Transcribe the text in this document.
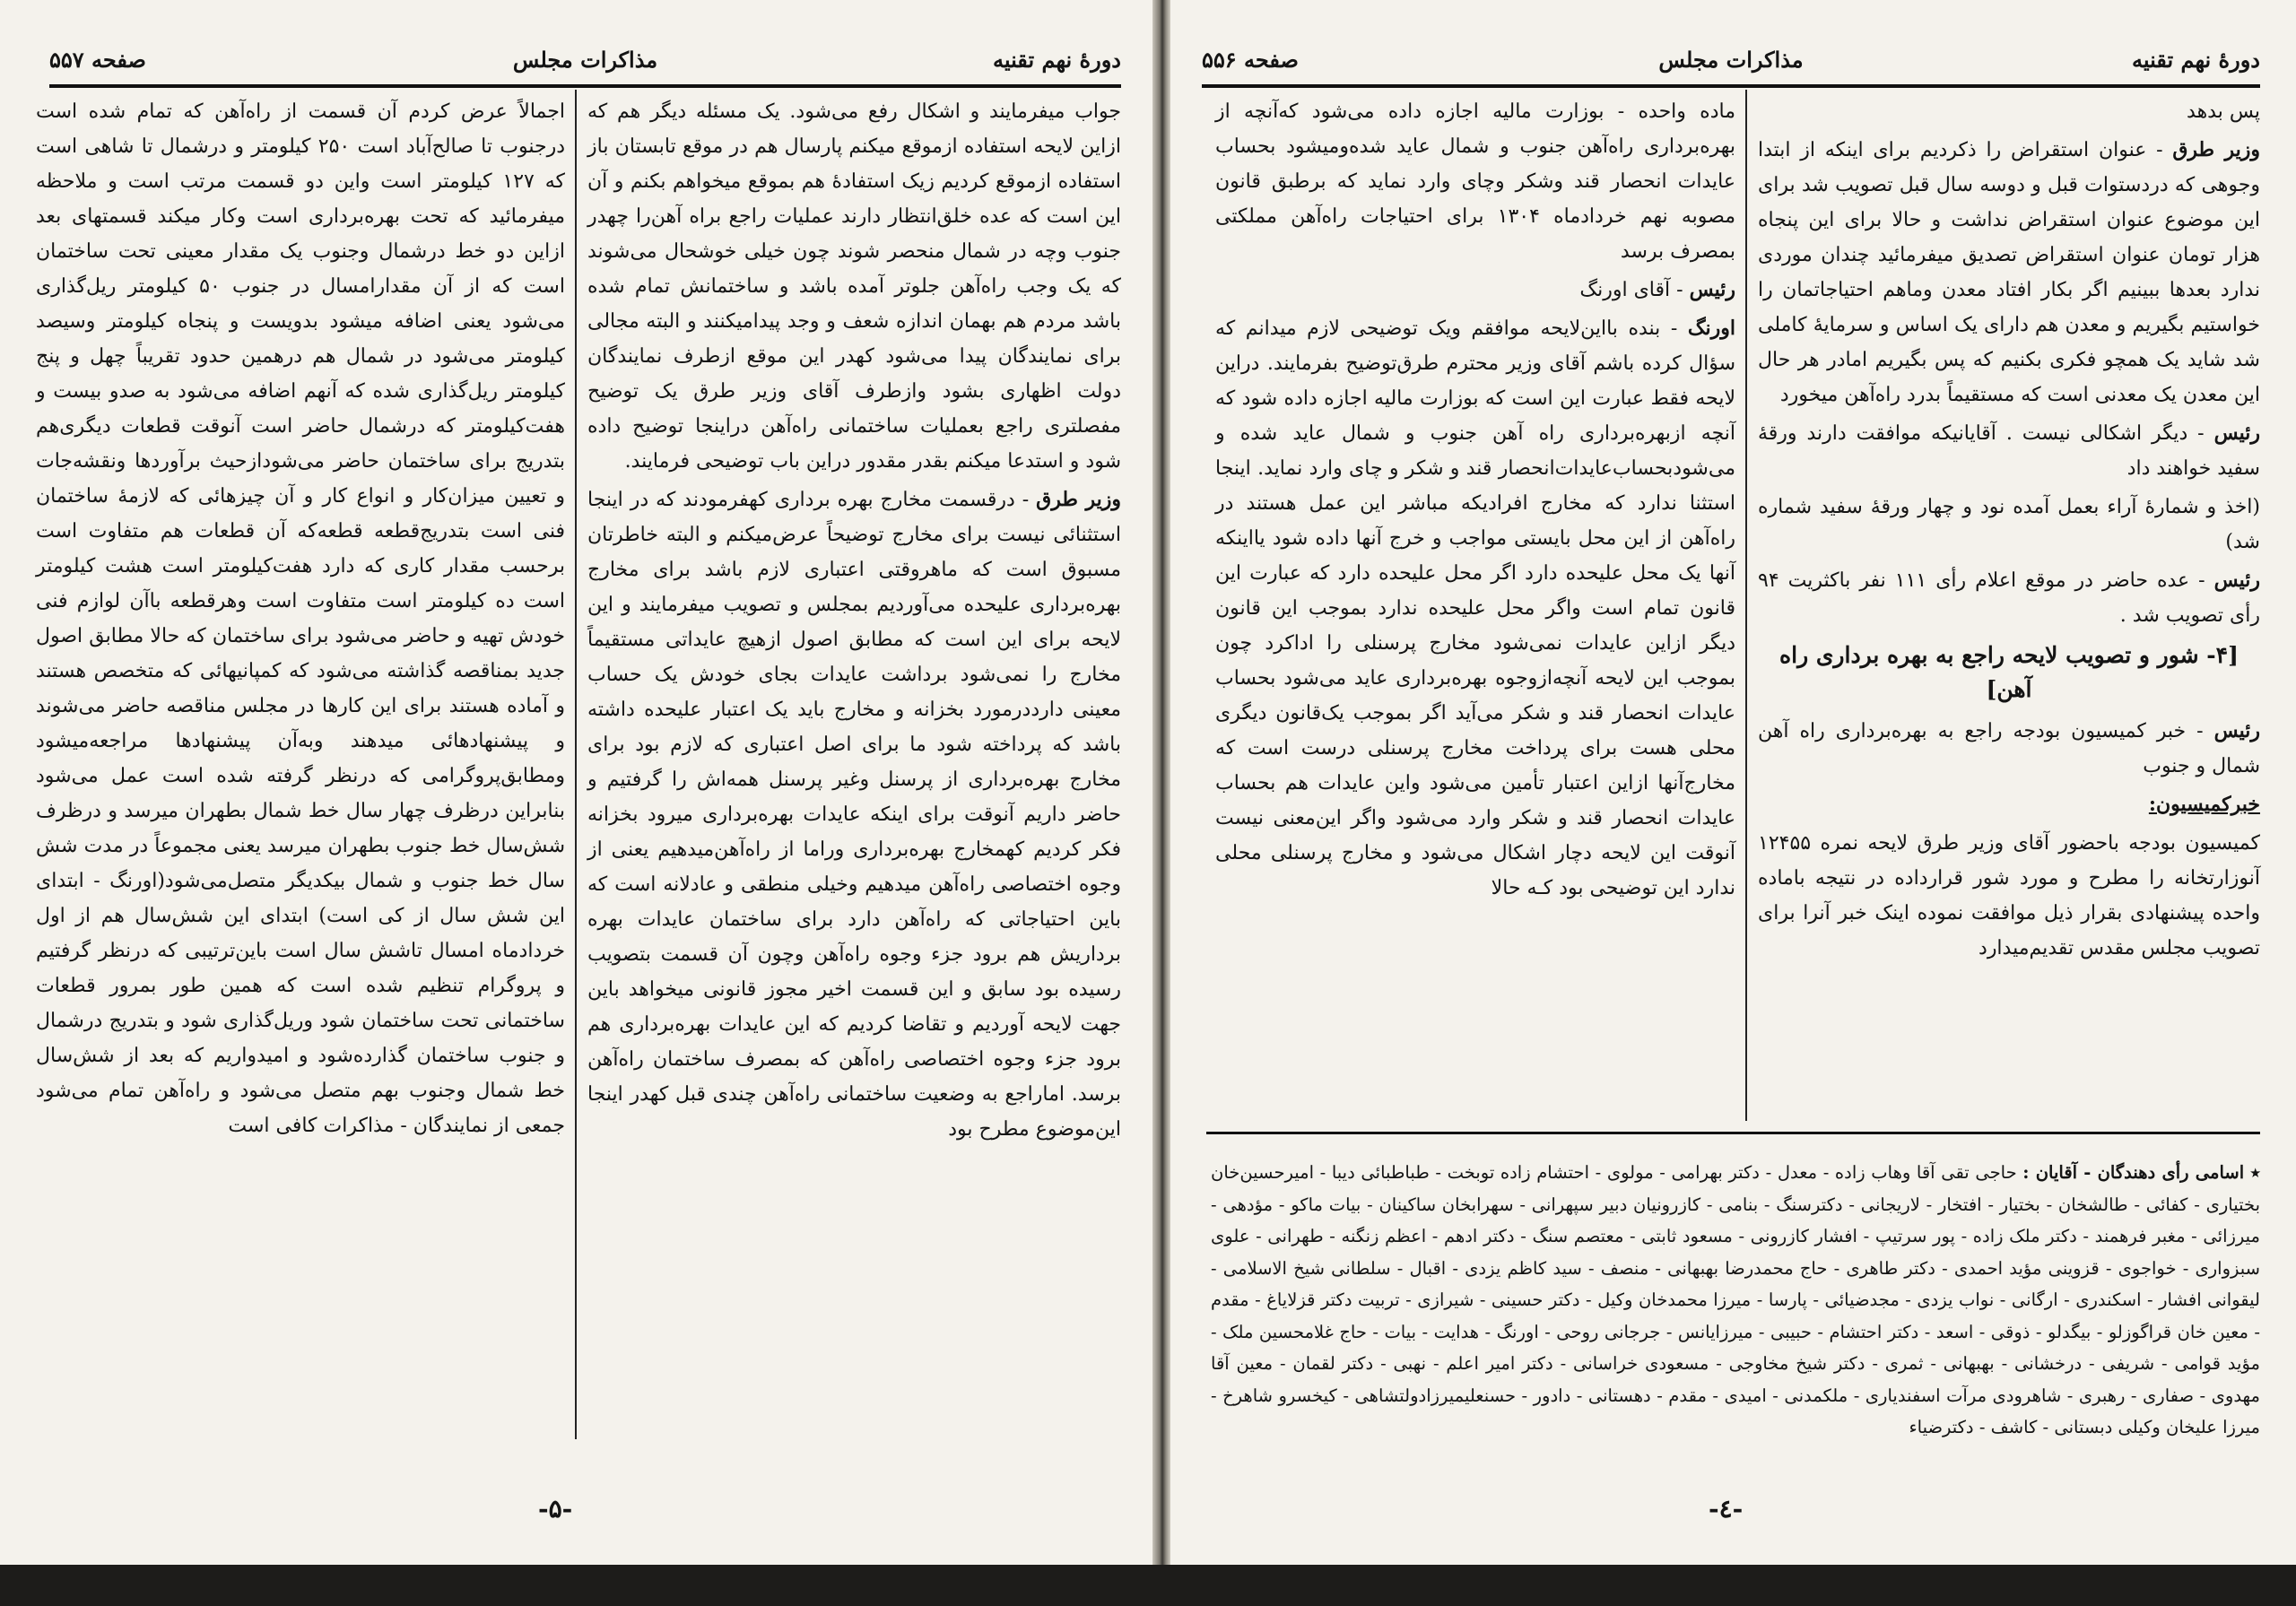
دورهٔ نهم تقنیه
مذاکرات مجلس
صفحه ۵۵۷

جواب میفرمایند و اشکال رفع می‌شود. یک مسئله دیگر هم که ازاین لایحه استفاده ازموقع میکنم پارسال هم در موقع تابستان باز استفاده ازموقع کردیم زیک استفادهٔ هم بموقع میخواهم بکنم و آن این است که عده خلق‌انتظار دارند عملیات راجع براه آهن‌را چهدر جنوب وچه در شمال منحصر شوند چون خیلی خوشحال می‌شوند که یک وجب راه‌آهن جلوتر آمده باشد و ساختمانش تمام شده باشد مردم هم بهمان اندازه شعف و وجد پیدامیکنند و البته مجالی برای نمایندگان پیدا می‌شود کهدر این موقع ازطرف نمایندگان دولت اظهاری بشود وازطرف آقای وزیر طرق یک توضیح مفصلتری راجع بعملیات ساختمانی راه‌آهن دراینجا توضیح داده شود و استدعا میکنم بقدر مقدور دراین باب توضیحی فرمایند.

وزیر طرق - درقسمت مخارج بهره برداری کهفرمودند که در اینجا استثنائی نیست برای مخارج توضیحاً عرض‌میکنم و البته خاطرتان مسبوق است که ماهروقتی اعتباری لازم باشد برای مخارج بهره‌برداری علیحده می‌آوردیم بمجلس و تصویب میفرمایند و این لایحه برای این است که مطابق اصول ازهیچ عایداتی مستقیماً مخارج را نمی‌شود برداشت عایدات بجای خودش یک حساب معینی دارددرمورد بخزانه و مخارج باید یک اعتبار علیحده داشته باشد که پرداخته شود ما برای اصل اعتباری که لازم بود برای مخارج بهره‌برداری از پرسنل وغیر پرسنل همه‌اش را گرفتیم و حاضر داریم آنوقت برای اینکه عایدات بهره‌برداری میرود بخزانه فکر کردیم کهمخارج بهره‌برداری وراما از راه‌آهن‌میدهیم یعنی از وجوه اختصاصی راه‌آهن میدهیم وخیلی منطقی و عادلانه است که باین احتیاجاتی که راه‌آهن دارد برای ساختمان عایدات بهره برداریش هم برود جزء وجوه راه‌آهن وچون آن قسمت بتصویب رسیده بود سابق و این قسمت اخیر مجوز قانونی میخواهد باین جهت لایحه آوردیم و تقاضا کردیم که این عایدات بهره‌برداری هم برود جزء وجوه اختصاصی راه‌آهن که بمصرف ساختمان راه‌آهن برسد. اماراجع به وضعیت ساختمانی راه‌آهن چندی قبل کهدر اینجا این‌موضوع مطرح بود

اجمالاً عرض کردم آن قسمت از راه‌آهن که تمام شده است درجنوب تا صالح‌آباد است ۲۵۰ کیلومتر و درشمال تا شاهی است که ۱۲۷ کیلومتر است واین دو قسمت مرتب است و ملاحظه میفرمائید که تحت بهره‌برداری است وکار میکند قسمتهای بعد ازاین دو خط درشمال وجنوب یک مقدار معینی تحت ساختمان است که از آن مقدارامسال در جنوب ۵۰ کیلومتر ریل‌گذاری می‌شود یعنی اضافه میشود بدویست و پنجاه کیلومتر وسیصد کیلومتر می‌شود در شمال هم درهمین حدود تقریباً چهل و پنج کیلومتر ریل‌گذاری شده که آنهم اضافه می‌شود به صدو بیست و هفت‌کیلومتر که درشمال حاضر است آنوقت قطعات دیگری‌هم بتدریج برای ساختمان حاضر می‌شوداز‌حیث برآوردها ونقشه‌جات و تعیین میزان‌کار و انواع کار و آن چیزهائی که لازمهٔ ساختمان فنی است بتدریج‌قطعه قطعه‌که آن قطعات هم متفاوت است برحسب مقدار کاری که دارد هفت‌کیلومتر است هشت کیلومتر است ده کیلومتر است متفاوت است وهرقطعه باآن لوازم فنی خودش تهیه و حاضر می‌شود برای ساختمان که حالا مطابق اصول جدید بمناقصه گذاشته می‌شود که کمپانیهائی که متخصص هستند و آماده هستند برای این کارها در مجلس مناقصه حاضر می‌شوند و پیشنهادهائی میدهند وبه‌آن پیشنهادها مراجعه‌میشود ومطابق‌پروگرامی که درنظر گرفته شده است عمل می‌شود بنابراین درظرف چهار سال خط شمال بطهران میرسد و درظرف شش‌سال خط جنوب بطهران میرسد یعنی مجموعاً در مدت شش سال خط جنوب و شمال بیکدیگر متصل‌می‌شود(اورنگ - ابتدای این شش سال از کی است) ابتدای این شش‌سال هم از اول خردادماه امسال تاشش سال است باین‌ترتیبی که درنظر گرفتیم و پروگرام تنظیم شده است که همین طور بمرور قطعات ساختمانی تحت ساختمان شود وریل‌گذاری شود و بتدریج درشمال و جنوب ساختمان گذارده‌شود و امیدواریم که بعد از شش‌سال خط شمال وجنوب بهم متصل می‌شود و راه‌آهن تمام می‌شود جمعی از نمایندگان - مذاکرات کافی است

-۵-
دورهٔ نهم تقنیه
مذاکرات مجلس
صفحه ۵۵۶

پس بدهد

وزیر طرق - عنوان استقراض را ذکردیم برای اینکه از ابتدا وجوهی که دردستوات قبل و دوسه سال قبل تصویب شد برای این موضوع عنوان استقراض نداشت و حالا برای این پنجاه هزار تومان عنوان استقراض تصدیق میفرمائید چندان موردی ندارد بعدها ببینیم اگر بکار افتاد معدن وماهم احتیاجاتمان را خواستیم بگیریم و معدن هم دارای یک اساس و سرمایهٔ کاملی شد شاید یک همچو فکری بکنیم که پس بگیریم امادر هر حال این معدن یک معدنی است که مستقیماً بدرد راه‌آهن میخورد

رئیس - دیگر اشکالی نیست . آقایانیکه موافقت دارند ورقهٔ سفید خواهند داد

(اخذ و شمارهٔ آراء بعمل آمده نود و چهار ورقهٔ سفید شماره شد)

رئیس - عده حاضر در موقع اعلام رأی ۱۱۱ نفر باکثریت ۹۴ رأی تصویب شد .

[۴- شور و تصویب لایحه راجع به بهره برداری راه آهن]

رئیس - خبر کمیسیون بودجه راجع به بهره‌برداری راه آهن شمال و جنوب

خبرکمیسیون:

کمیسیون بودجه باحضور آقای وزیر طرق لایحه نمره ۱۲۴۵۵ آنوزارتخانه را مطرح و مورد شور قرارداده در نتیجه باماده واحده پیشنهادی بقرار ذیل موافقت نموده اینک خبر آنرا برای تصویب مجلس مقدس تقدیم‌میدارد

ماده واحده - بوزارت مالیه اجازه داده می‌شود که‌آنچه از بهره‌برداری راه‌آهن جنوب و شمال عاید شده‌ومیشود بحساب عایدات انحصار قند وشکر وچای وارد نماید که برطبق قانون مصوبه نهم خردادماه ۱۳۰۴ برای احتیاجات راه‌آهن مملکتی بمصرف برسد

رئیس - آقای اورنگ

اورنگ - بنده بااین‌لایحه موافقم ویک توضیحی لازم میدانم که سؤال کرده باشم آقای وزیر محترم طرق‌توضیح بفرمایند. دراین لایحه فقط عبارت این است که بوزارت مالیه اجازه داده شود که آنچه ازبهره‌برداری راه آهن جنوب و شمال عاید شده و می‌شودبحساب‌عایدات‌انحصار قند و شکر و چای وارد نماید. اینجا استثنا ندارد که مخارج افرادیکه مباشر این عمل هستند در راه‌آهن از این محل بایستی مواجب و خرج آنها داده شود یااینکه آنها یک محل علیحده دارد اگر محل علیحده دارد که عبارت این قانون تمام است واگر محل علیحده ندارد بموجب این قانون دیگر ازاین عایدات نمی‌شود مخارج پرسنلی را اداکرد چون بموجب این لایحه آنچه‌ازوجوه بهره‌برداری عاید می‌شود بحساب عایدات انحصار قند و شکر می‌آید اگر بموجب یک‌قانون دیگری محلی هست برای پرداخت مخارج پرسنلی درست است که مخارج‌آنها ازاین اعتبار تأمین می‌شود واین عایدات هم بحساب عایدات انحصار قند و شکر وارد می‌شود واگر این‌معنی نیست آنوقت این لایحه دچار اشکال می‌شود و مخارج پرسنلی محلی ندارد این توضیحی بود کـه حالا

٭ اسامی رأی دهندگان - آقایان : حاجی تقی آقا وهاب زاده - معدل - دکتر بهرامی - مولوی - احتشام زاده توبخت - طباطبائی دیبا - امیرحسین‌خان بختیاری - کفائی - طالشخان - بختیار - افتخار - لاریجانی - دکترسنگ - بنامی - کازرونیان دبیر سپهرانی - سهرابخان ساکینان - بیات ماکو - مؤدهی - میرزائی - مغبر فرهمند - دکتر ملک زاده - پور سرتیپ - افشار کازرونی - مسعود ثابتی - معتصم سنگ - دکتر ادهم - اعظم زنگنه - طهرانی - علوی سبزواری - خواجوی - قزوینی مؤید احمدی - دکتر طاهری - حاج محمدرضا بهبهانی - منصف - سید کاظم یزدی - اقبال - سلطانی شیخ الاسلامی - لیقوانی افشار - اسکندری - ارگانی - نواب یزدی - مجدضیائی - پارسا - میرزا محمدخان وکیل - دکتر حسینی - شیرازی - تربیت دکتر قزلایاغ - مقدم - معین خان قراگوزلو - بیگدلو - ذوقی - اسعد - دکتر احتشام - حبیبی - میرزایانس - جرجانی روحی - اورنگ - هدایت - بیات - حاج غلامحسین ملک - مؤید قوامی - شریفی - درخشانی - بهبهانی - ثمری - دکتر شیخ مخاوجی - مسعودی خراسانی - دکتر امیر اعلم - نهبی - دکتر لقمان - معین آقا مهدوی - صفاری - رهبری - شاهرودی مرآت اسفندیاری - ملکمدنی - امیدی - مقدم - دهستانی - دادور - حسنعلیمیرزادولتشاهی - کیخسرو شاهرخ - میرزا علیخان وکیلی دبستانی - کاشف - دکترضیاء
-٤-
